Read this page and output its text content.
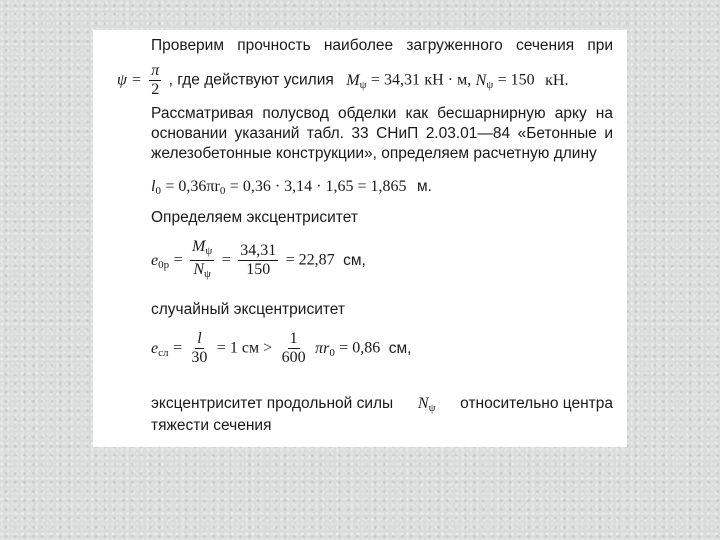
Проверим прочность наиболее загруженного сечения при
$\psi = \frac{\pi}{2}$ , где действуют усилия $M_\psi = 34,31$ кН · м, $N_\psi = 150$ кН.
Рассматривая полусвод обделки как бесшарнирную арку на
основании указаний табл. 33 СНиП 2.03.01—84 «Бетонные и
железобетонные конструкции», определяем расчетную длину
$l_0 = 0,36\pi r_0 = 0,36 \cdot 3,14 \cdot 1,65 = 1,865$ м.
Определяем эксцентриситет
$e_{0р} = \frac{M_\psi}{N_\psi} = \frac{34,31}{150} = 22,87$ см,
случайный эксцентриситет
$e_{сл} = \frac{l}{30} = 1$ см > $\frac{1}{600} \pi r_0 = 0,86$ см,
эксцентриситет продольной силы $N_\psi$ относительно центра
тяжести сечения
